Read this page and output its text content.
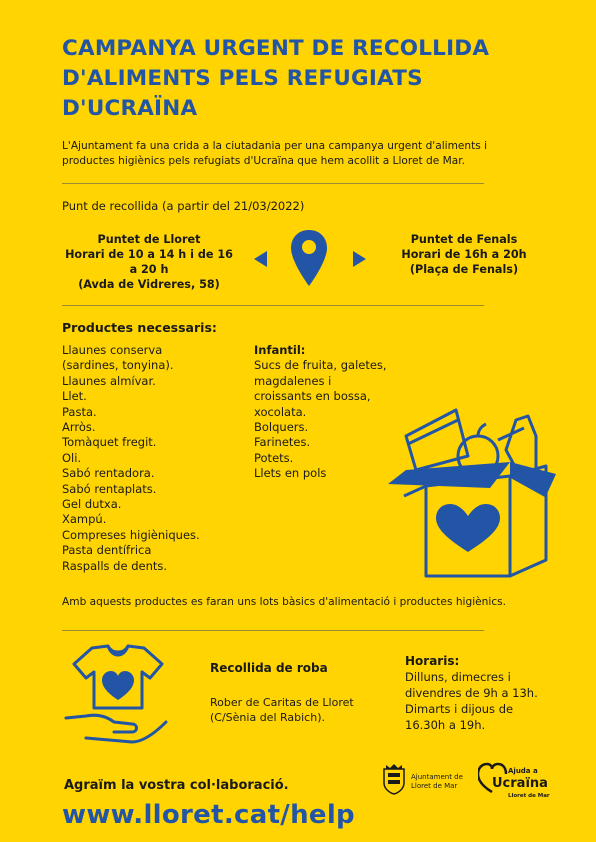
CAMPANYA URGENT DE RECOLLIDA D'ALIMENTS PELS REFUGIATS D'UCRAÏNA
L'Ajuntament fa una crida a la ciutadania per una campanya urgent d'aliments i productes higiènics pels refugiats d'Ucraïna que hem acollit a Lloret de Mar.
Punt de recollida (a partir del 21/03/2022)
Puntet de Lloret
Horari de 10 a 14 h i de 16 a 20 h
(Avda de Vidreres, 58)
Puntet de Fenals
Horari de 16h a 20h
(Plaça de Fenals)
Productes necessaris:
Llaunes conserva
(sardines, tonyina).
Llaunes almívar.
Llet.
Pasta.
Arròs.
Tomàquet fregit.
Oli.
Sabó rentadora.
Sabó rentaplats.
Gel dutxa.
Xampú.
Compreses higièniques.
Pasta dentífrica
Raspalls de dents.
Infantil:
Sucs de fruita, galetes,
magdalenes i
croissants en bossa,
xocolata.
Bolquers.
Farinetes.
Potets.
Llets en pols
Amb aquests productes es faran uns lots bàsics d'alimentació i productes higiènics.
Recollida de roba
Rober de Caritas de Lloret
(C/Sènia del Rabich).
Horaris:
Dilluns, dimecres i
divendres de 9h a 13h.
Dimarts i dijous de
16.30h a 19h.
Agraïm la vostra col·laboració.
www.lloret.cat/help
Ajuntament de
Lloret de Mar
Ajuda a
Ucraïna
Lloret de Mar
